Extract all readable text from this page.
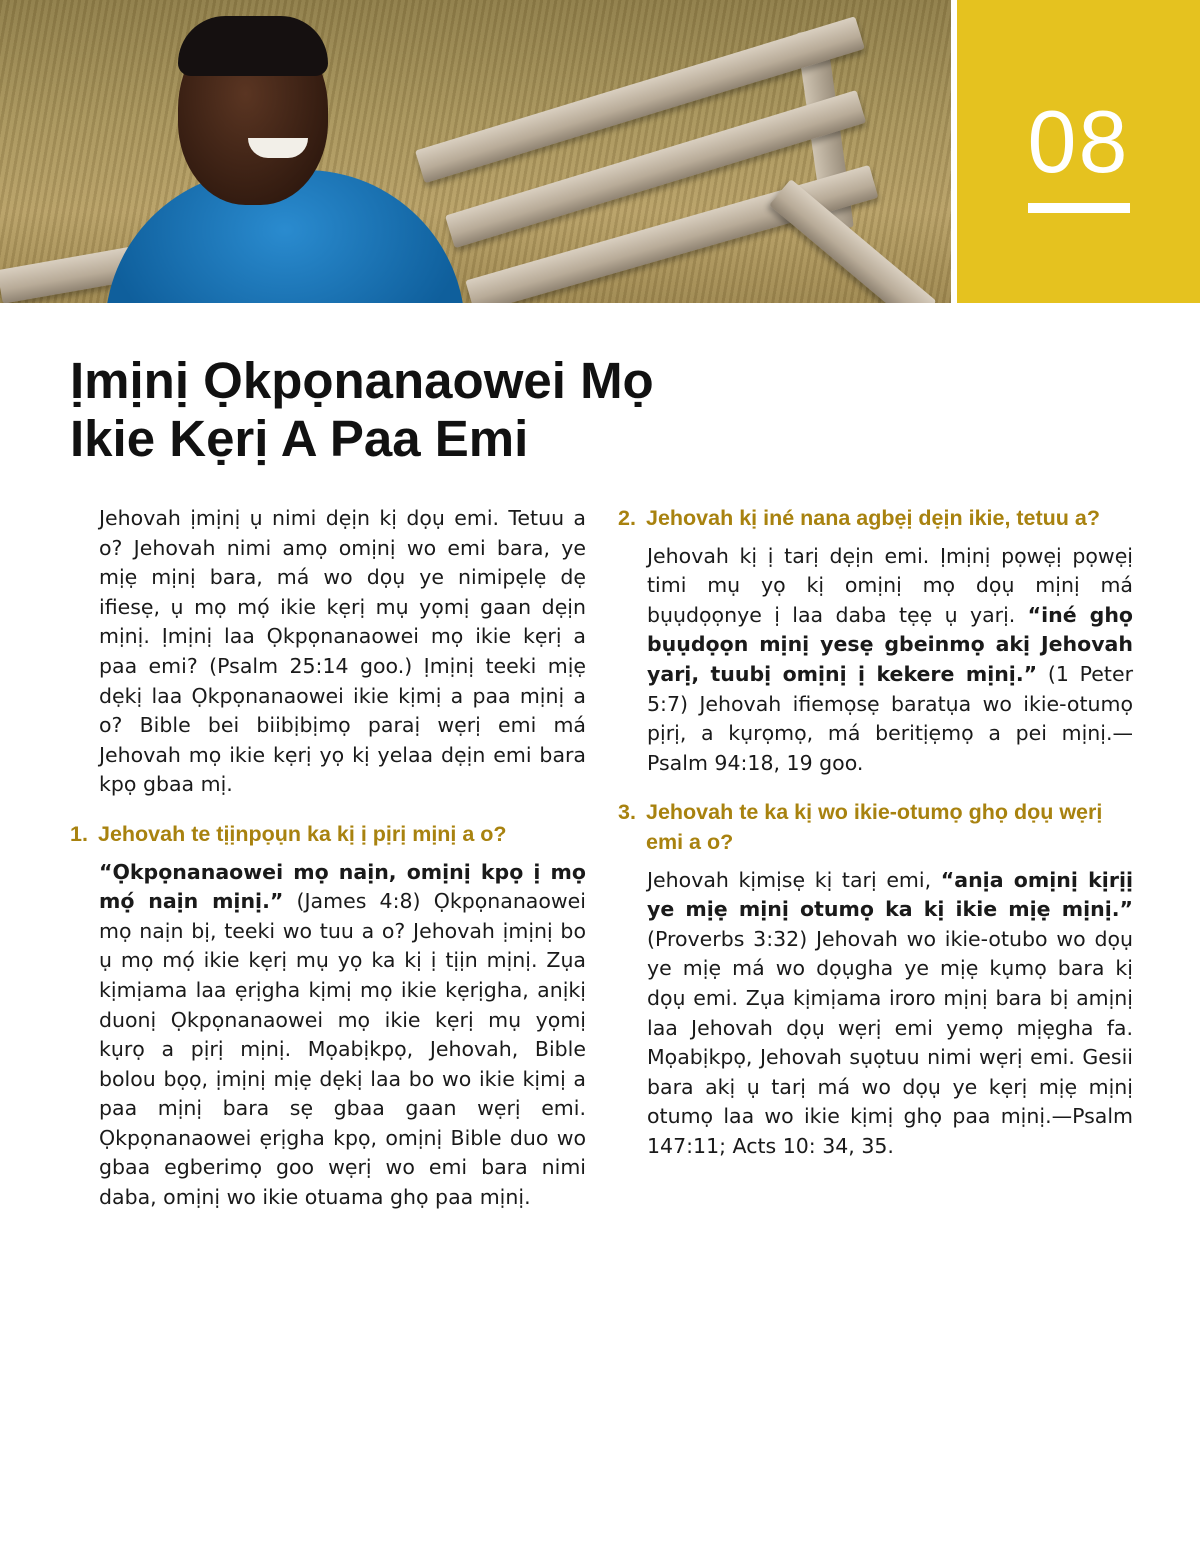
08
Ịmịnị Ọkpọnanaowei Mọ
Ikie Kẹrị A Paa Emi

Jehovah ịmịnị ụ nimi dẹịn kị dọụ emi. Tetuu a o? Jehovah nimi amọ omịnị wo emi bara, ye mịẹ mịnị bara, má wo dọụ ye nimipẹlẹ dẹ ifiesẹ, ụ mọ mọ́ ikie kẹrị mụ yọmị gaan dẹịn mịnị. Ịmịnị laa Ọkpọnanaowei mọ ikie kẹrị a paa emi? (Psalm 25:14 goo.) Ịmịnị teeki mịẹ dẹkị laa Ọkpọnanaowei ikie kịmị a paa mịnị a o? Bible bei biibịbịmọ paraị wẹrị emi má Jehovah mọ ikie kẹrị yọ kị yelaa dẹịn emi bara kpọ gbaa mị.

1. Jehovah te tịịnpọụn ka kị ị pịrị mịnị a o?

“Ọkpọnanaowei mọ naịn, omịnị kpọ ị mọ mọ́ naịn mịnị.” (James 4:8) Ọkpọnanaowei mọ naịn bị, teeki wo tuu a o? Jehovah ịmịnị bo ụ mọ mọ́ ikie kẹrị mụ yọ ka kị ị tịịn mịnị. Zụa kịmịama laa ẹrịgha kịmị mọ ikie kẹrịgha, anịkị duonị Ọkpọnanaowei mọ ikie kẹrị mụ yọmị kụrọ a pịrị mịnị. Mọabịkpọ, Jehovah, Bible bolou bọọ, ịmịnị mịẹ dẹkị laa bo wo ikie kịmị a paa mịnị bara sẹ gbaa gaan wẹrị emi. Ọkpọnanaowei ẹrịgha kpọ, omịnị Bible duo wo gbaa egberimọ goo wẹrị wo emi bara nimi daba, omịnị wo ikie otuama ghọ paa mịnị.

2. Jehovah kị iné nana agbẹị dẹịn ikie, tetuu a?

Jehovah kị ị tarị dẹịn emi. Ịmịnị pọwẹị pọwẹị timi mụ yọ kị omịnị mọ dọụ mịnị má bụụdọọnye ị laa daba tẹẹ ụ yarị. “iné ghọ bụụdọọn mịnị yesẹ gbeinmọ akị Jehovah yarị, tuubị omịnị ị kekere mịnị.” (1 Peter 5:7) Jehovah ifiemọsẹ baratụa wo ikie-otumọ pịrị, a kụrọmọ, má beritịẹmọ a pei mịnị.—Psalm 94:18, 19 goo.

3. Jehovah te ka kị wo ikie-otumọ ghọ dọụ wẹrị emi a o?

Jehovah kịmịsẹ kị tarị emi, “anịa omịnị kịrịị ye mịẹ mịnị otumọ ka kị ikie mịẹ mịnị.” (Proverbs 3:32) Jehovah wo ikie-otubo wo dọụ ye mịẹ má wo dọụgha ye mịẹ kụmọ bara kị dọụ emi. Zụa kịmịama iroro mịnị bara bị amịnị laa Jehovah dọụ wẹrị emi yemọ mịẹgha fa. Mọabịkpọ, Jehovah sụọtuu nimi wẹrị emi. Gesii bara akị ụ tarị má wo dọụ ye kẹrị mịẹ mịnị otumọ laa wo ikie kịmị ghọ paa mịnị.—Psalm 147:11; Acts 10: 34, 35.
